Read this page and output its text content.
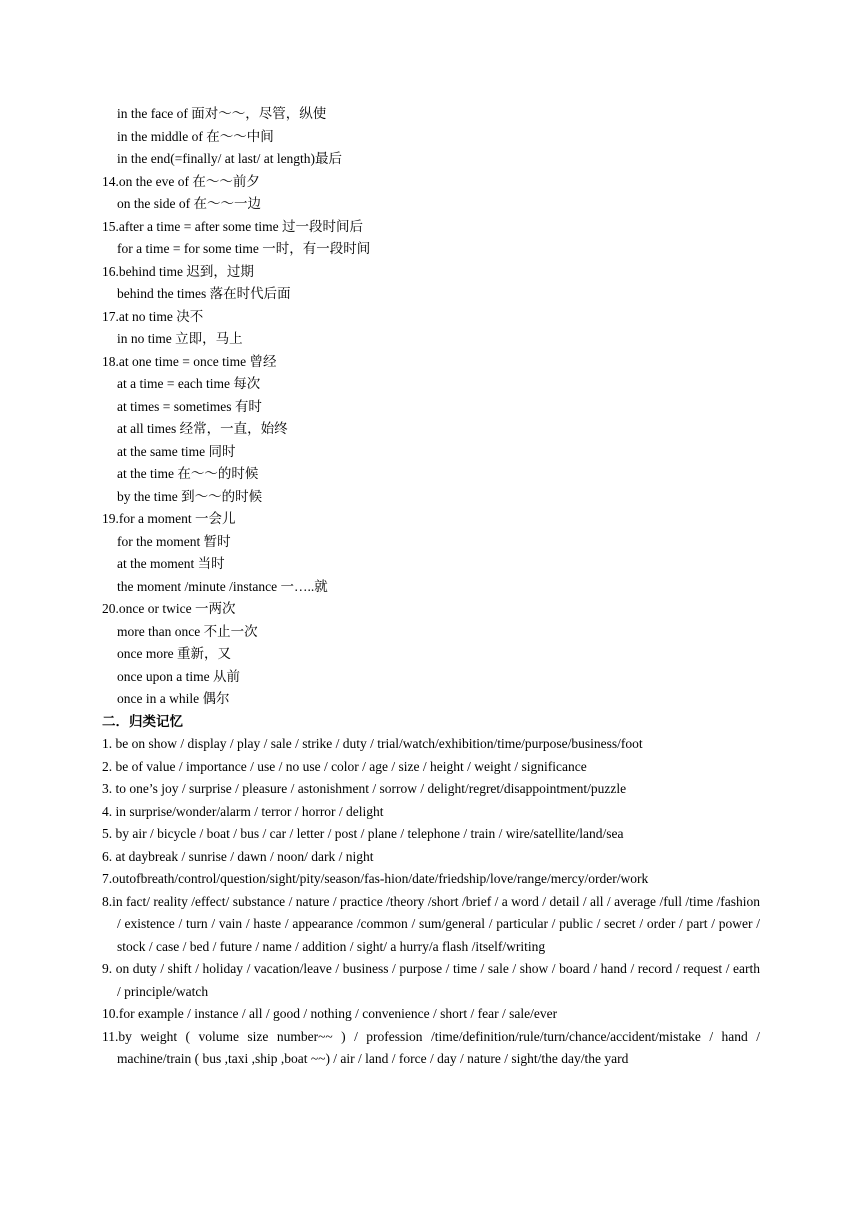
in the face of 面对～～，尽管，纵使
in the middle of 在～～中间
in the end(=finally/ at last/ at length)最后
14.on the eve of 在～～前夕
on the side of 在～～一边
15.after a time = after some time 过一段时间后
for a time = for some time 一时，有一段时间
16.behind time 迟到，过期
behind the times 落在时代后面
17.at no time 决不
in no time 立即，马上
18.at one time = once time 曾经
at a time = each time 每次
at times = sometimes 有时
at all times 经常，一直，始终
at the same time 同时
at the time 在～～的时候
by the time 到～～的时候
19.for a moment 一会儿
for the moment 暂时
at the moment 当时
the moment /minute /instance 一…..就
20.once or twice 一两次
more than once 不止一次
once more 重新，又
once upon a time 从前
once in a while 偶尔
二．归类记忆
1. be on show / display / play / sale / strike / duty / trial/watch/exhibition/time/purpose/business/foot
2. be of value / importance / use / no use / color / age / size / height / weight / significance
3. to one’s joy / surprise / pleasure / astonishment / sorrow / delight/regret/disappointment/puzzle
4. in surprise/wonder/alarm / terror / horror / delight
5. by air / bicycle / boat / bus / car / letter / post / plane / telephone / train / wire/satellite/land/sea
6. at daybreak / sunrise / dawn / noon/ dark / night
7.outofbreath/control/question/sight/pity/season/fas-hion/date/friedship/love/range/mercy/order/work
8.in fact/ reality /effect/ substance / nature / practice /theory /short /brief / a word / detail / all / average /full /time /fashion / existence / turn / vain / haste / appearance /common / sum/general / particular / public / secret / order / part / power / stock / case / bed / future / name / addition / sight/ a hurry/a flash /itself/writing
9. on duty / shift / holiday / vacation/leave / business / purpose / time / sale / show / board / hand / record / request / earth / principle/watch
10.for example / instance / all / good / nothing / convenience / short / fear / sale/ever
11.by weight ( volume size number~~ ) / profession /time/definition/rule/turn/chance/accident/mistake / hand / machine/train ( bus ,taxi ,ship ,boat ~~) / air / land / force / day / nature / sight/the day/the yard
